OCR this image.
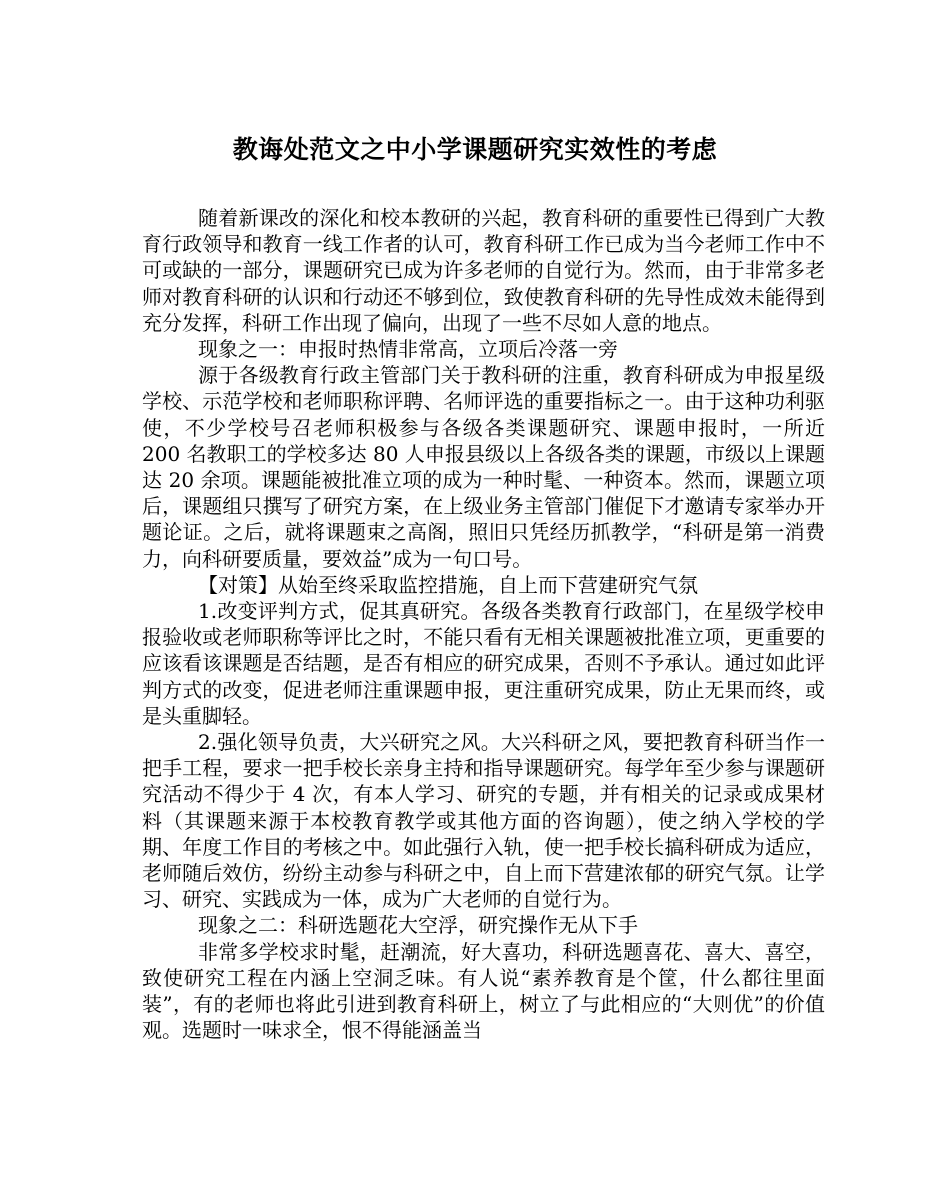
教诲处范文之中小学课题研究实效性的考虑

随着新课改的深化和校本教研的兴起，教育科研的重要性已得到广大教育行政领导和教育一线工作者的认可，教育科研工作已成为当今老师工作中不可或缺的一部分，课题研究已成为许多老师的自觉行为。然而，由于非常多老师对教育科研的认识和行动还不够到位，致使教育科研的先导性成效未能得到充分发挥，科研工作出现了偏向，出现了一些不尽如人意的地点。

现象之一：申报时热情非常高，立项后冷落一旁

源于各级教育行政主管部门关于教科研的注重，教育科研成为申报星级学校、示范学校和老师职称评聘、名师评选的重要指标之一。由于这种功利驱使，不少学校号召老师积极参与各级各类课题研究、课题申报时，一所近 200 名教职工的学校多达 80 人申报县级以上各级各类的课题，市级以上课题达 20 余项。课题能被批准立项的成为一种时髦、一种资本。然而，课题立项后，课题组只撰写了研究方案，在上级业务主管部门催促下才邀请专家举办开题论证。之后，就将课题束之高阁，照旧只凭经历抓教学，“科研是第一消费力，向科研要质量，要效益”成为一句口号。

【对策】从始至终采取监控措施，自上而下营建研究气氛

1.改变评判方式，促其真研究。各级各类教育行政部门，在星级学校申报验收或老师职称等评比之时，不能只看有无相关课题被批准立项，更重要的应该看该课题是否结题，是否有相应的研究成果，否则不予承认。通过如此评判方式的改变，促进老师注重课题申报，更注重研究成果，防止无果而终，或是头重脚轻。

2.强化领导负责，大兴研究之风。大兴科研之风，要把教育科研当作一把手工程，要求一把手校长亲身主持和指导课题研究。每学年至少参与课题研究活动不得少于 4 次，有本人学习、研究的专题，并有相关的记录或成果材料（其课题来源于本校教育教学或其他方面的咨询题），使之纳入学校的学期、年度工作目的考核之中。如此强行入轨，使一把手校长搞科研成为适应，老师随后效仿，纷纷主动参与科研之中，自上而下营建浓郁的研究气氛。让学习、研究、实践成为一体，成为广大老师的自觉行为。

现象之二：科研选题花大空浮，研究操作无从下手

非常多学校求时髦，赶潮流，好大喜功，科研选题喜花、喜大、喜空，致使研究工程在内涵上空洞乏味。有人说“素养教育是个筐，什么都往里面装”，有的老师也将此引进到教育科研上，树立了与此相应的“大则优”的价值观。选题时一味求全，恨不得能涵盖当
